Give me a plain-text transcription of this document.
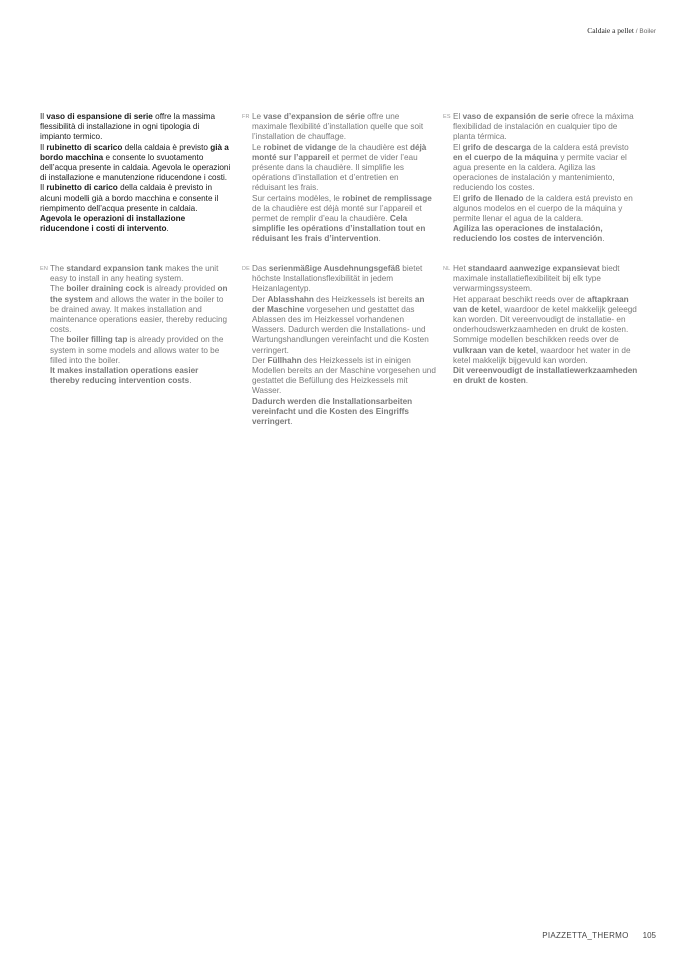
Caldaie a pellet / Boiler

Il vaso di espansione di serie offre la massima flessibilità di installazione in ogni tipologia di impianto termico.

Il rubinetto di scarico della caldaia è previsto già a bordo macchina e consente lo svuotamento dell’acqua presente in caldaia. Agevola le operazioni di installazione e manutenzione riducendone i costi.

Il rubinetto di carico della caldaia è previsto in alcuni modelli già a bordo macchina e consente il riempimento dell’acqua presente in caldaia.

Agevola le operazioni di installazione riducendone i costi di intervento.

FR Le vase d’expansion de série offre une maximale flexibilité d’installation quelle que soit l’installation de chauffage.

Le robinet de vidange de la chaudière est déjà monté sur l’appareil et permet de vider l’eau présente dans la chaudière. Il simplifie les opérations d’installation et d’entretien en réduisant les frais.

Sur certains modèles, le robinet de remplissage de la chaudière est déjà monté sur l’appareil et permet de remplir d’eau la chaudière. Cela simplifie les opérations d’installation tout en réduisant les frais d’intervention.

ES El vaso de expansión de serie ofrece la máxima flexibilidad de instalación en cualquier tipo de planta térmica.

El grifo de descarga de la caldera está previsto en el cuerpo de la máquina y permite vaciar el agua presente en la caldera. Agiliza las operaciones de instalación y mantenimiento, reduciendo los costes.

El grifo de llenado de la caldera está previsto en algunos modelos en el cuerpo de la máquina y permite llenar el agua de la caldera.

Agiliza las operaciones de instalación, reduciendo los costes de intervención.

EN The standard expansion tank makes the unit easy to install in any heating system.

The boiler draining cock is already provided on the system and allows the water in the boiler to be drained away. It makes installation and maintenance operations easier, thereby reducing costs.

The boiler filling tap is already provided on the system in some models and allows water to be filled into the boiler.

It makes installation operations easier thereby reducing intervention costs.

DE Das serienmäßige Ausdehnungsgefäß bietet höchste Installationsflexibilität in jedem Heizanlagentyp.

Der Ablasshahn des Heizkessels ist bereits an der Maschine vorgesehen und gestattet das Ablassen des im Heizkessel vorhandenen Wassers. Dadurch werden die Installations- und Wartungshandlungen vereinfacht und die Kosten verringert.

Der Füllhahn des Heizkessels ist in einigen Modellen bereits an der Maschine vorgesehen und gestattet die Befüllung des Heizkessels mit Wasser.

Dadurch werden die Installationsarbeiten vereinfacht und die Kosten des Eingriffs verringert.

NL Het standaard aanwezige expansievat biedt maximale installatieflexibiliteit bij elk type verwarmingssysteem.

Het apparaat beschikt reeds over de aftapkraan van de ketel, waardoor de ketel makkelijk geleegd kan worden. Dit vereenvoudigt de installatie- en onderhoudswerkzaamheden en drukt de kosten.

Sommige modellen beschikken reeds over de vulkraan van de ketel, waardoor het water in de ketel makkelijk bijgevuld kan worden.

Dit vereenvoudigt de installatiewerkzaamheden en drukt de kosten.

PIAZZETTA_THERMO 105
